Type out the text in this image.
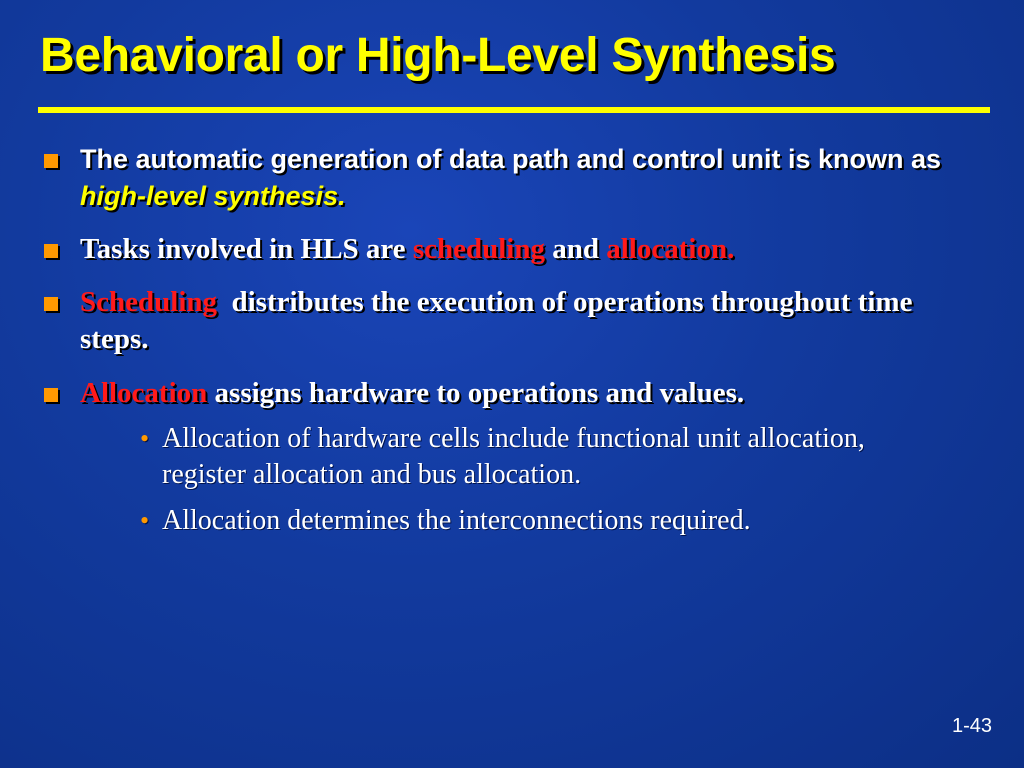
Behavioral or High-Level Synthesis
The automatic generation of data path and control unit is known as high-level synthesis.
Tasks involved in HLS are scheduling and allocation.
Scheduling  distributes the execution of operations throughout time steps.
Allocation assigns hardware to operations and values.
• Allocation of hardware cells include functional unit allocation, register allocation and bus allocation.
• Allocation determines the interconnections required.
1-43
